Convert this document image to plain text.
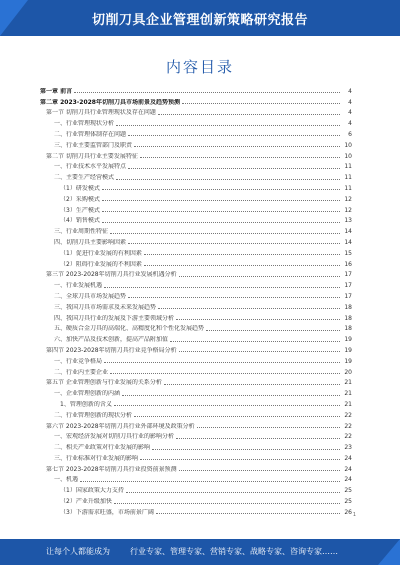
切削刀具企业管理创新策略研究报告
内容目录
第一章 前言	4
第二章 2023-2028年切削刀具市场前景及趋势预测	4
第一节 切削刀具行业管理现状及存在问题	4
一、行业管理现状分析	4
二、行业管理体制存在问题	6
三、行业主要监管部门及职责	10
第二节 切削刀具行业主要发展特征	10
一、行业技术水平发展特点	11
二、主要生产经营模式	11
（1）研发模式	11
（2）采购模式	12
（3）生产模式	12
（4）销售模式	13
三、行业周期性特征	14
四、切削刀具主要影响因素	14
（1）促进行业发展的有利因素	15
（2）阻碍行业发展的不利因素	16
第三节 2023-2028年切削刀具行业发展机遇分析	17
一、行业发展机遇	17
二、全球刀具市场发展趋势	17
三、我国刀具市场需求及未来发展趋势	18
四、我国刀具行业的发展及下游主要领域分析	18
五、硬质合金刀具的高端化、高精度化和个性化发展趋势	18
六、加快产品及技术创新，提高产品附加值	19
第四节 2023-2028年切削刀具行业竞争格局分析	19
一、行业竞争格局	19
二、行业内主要企业	20
第五节 企业管理创新与行业发展的关系分析	21
一、企业管理创新的内涵	21
1、管理创新的含义	21
二、行业管理创新的现状分析	22
第六节 2023-2028年切削刀具行业外部环境及政策分析	22
一、宏观经济发展对切削刀具行业的影响分析	22
二、相关产业政策对行业发展的影响	23
三、行业标准对行业发展的影响	24
第七节 2023-2028年切削刀具行业投资前景预测	24
一、机遇	24
（1）国家政策大力支持	25
（2）产业升级加快	25
（3）下游需求旺盛，市场前景广阔	26 1
让每个人都能成为	行业专家、管理专家、营销专家、战略专家、咨询专家……
